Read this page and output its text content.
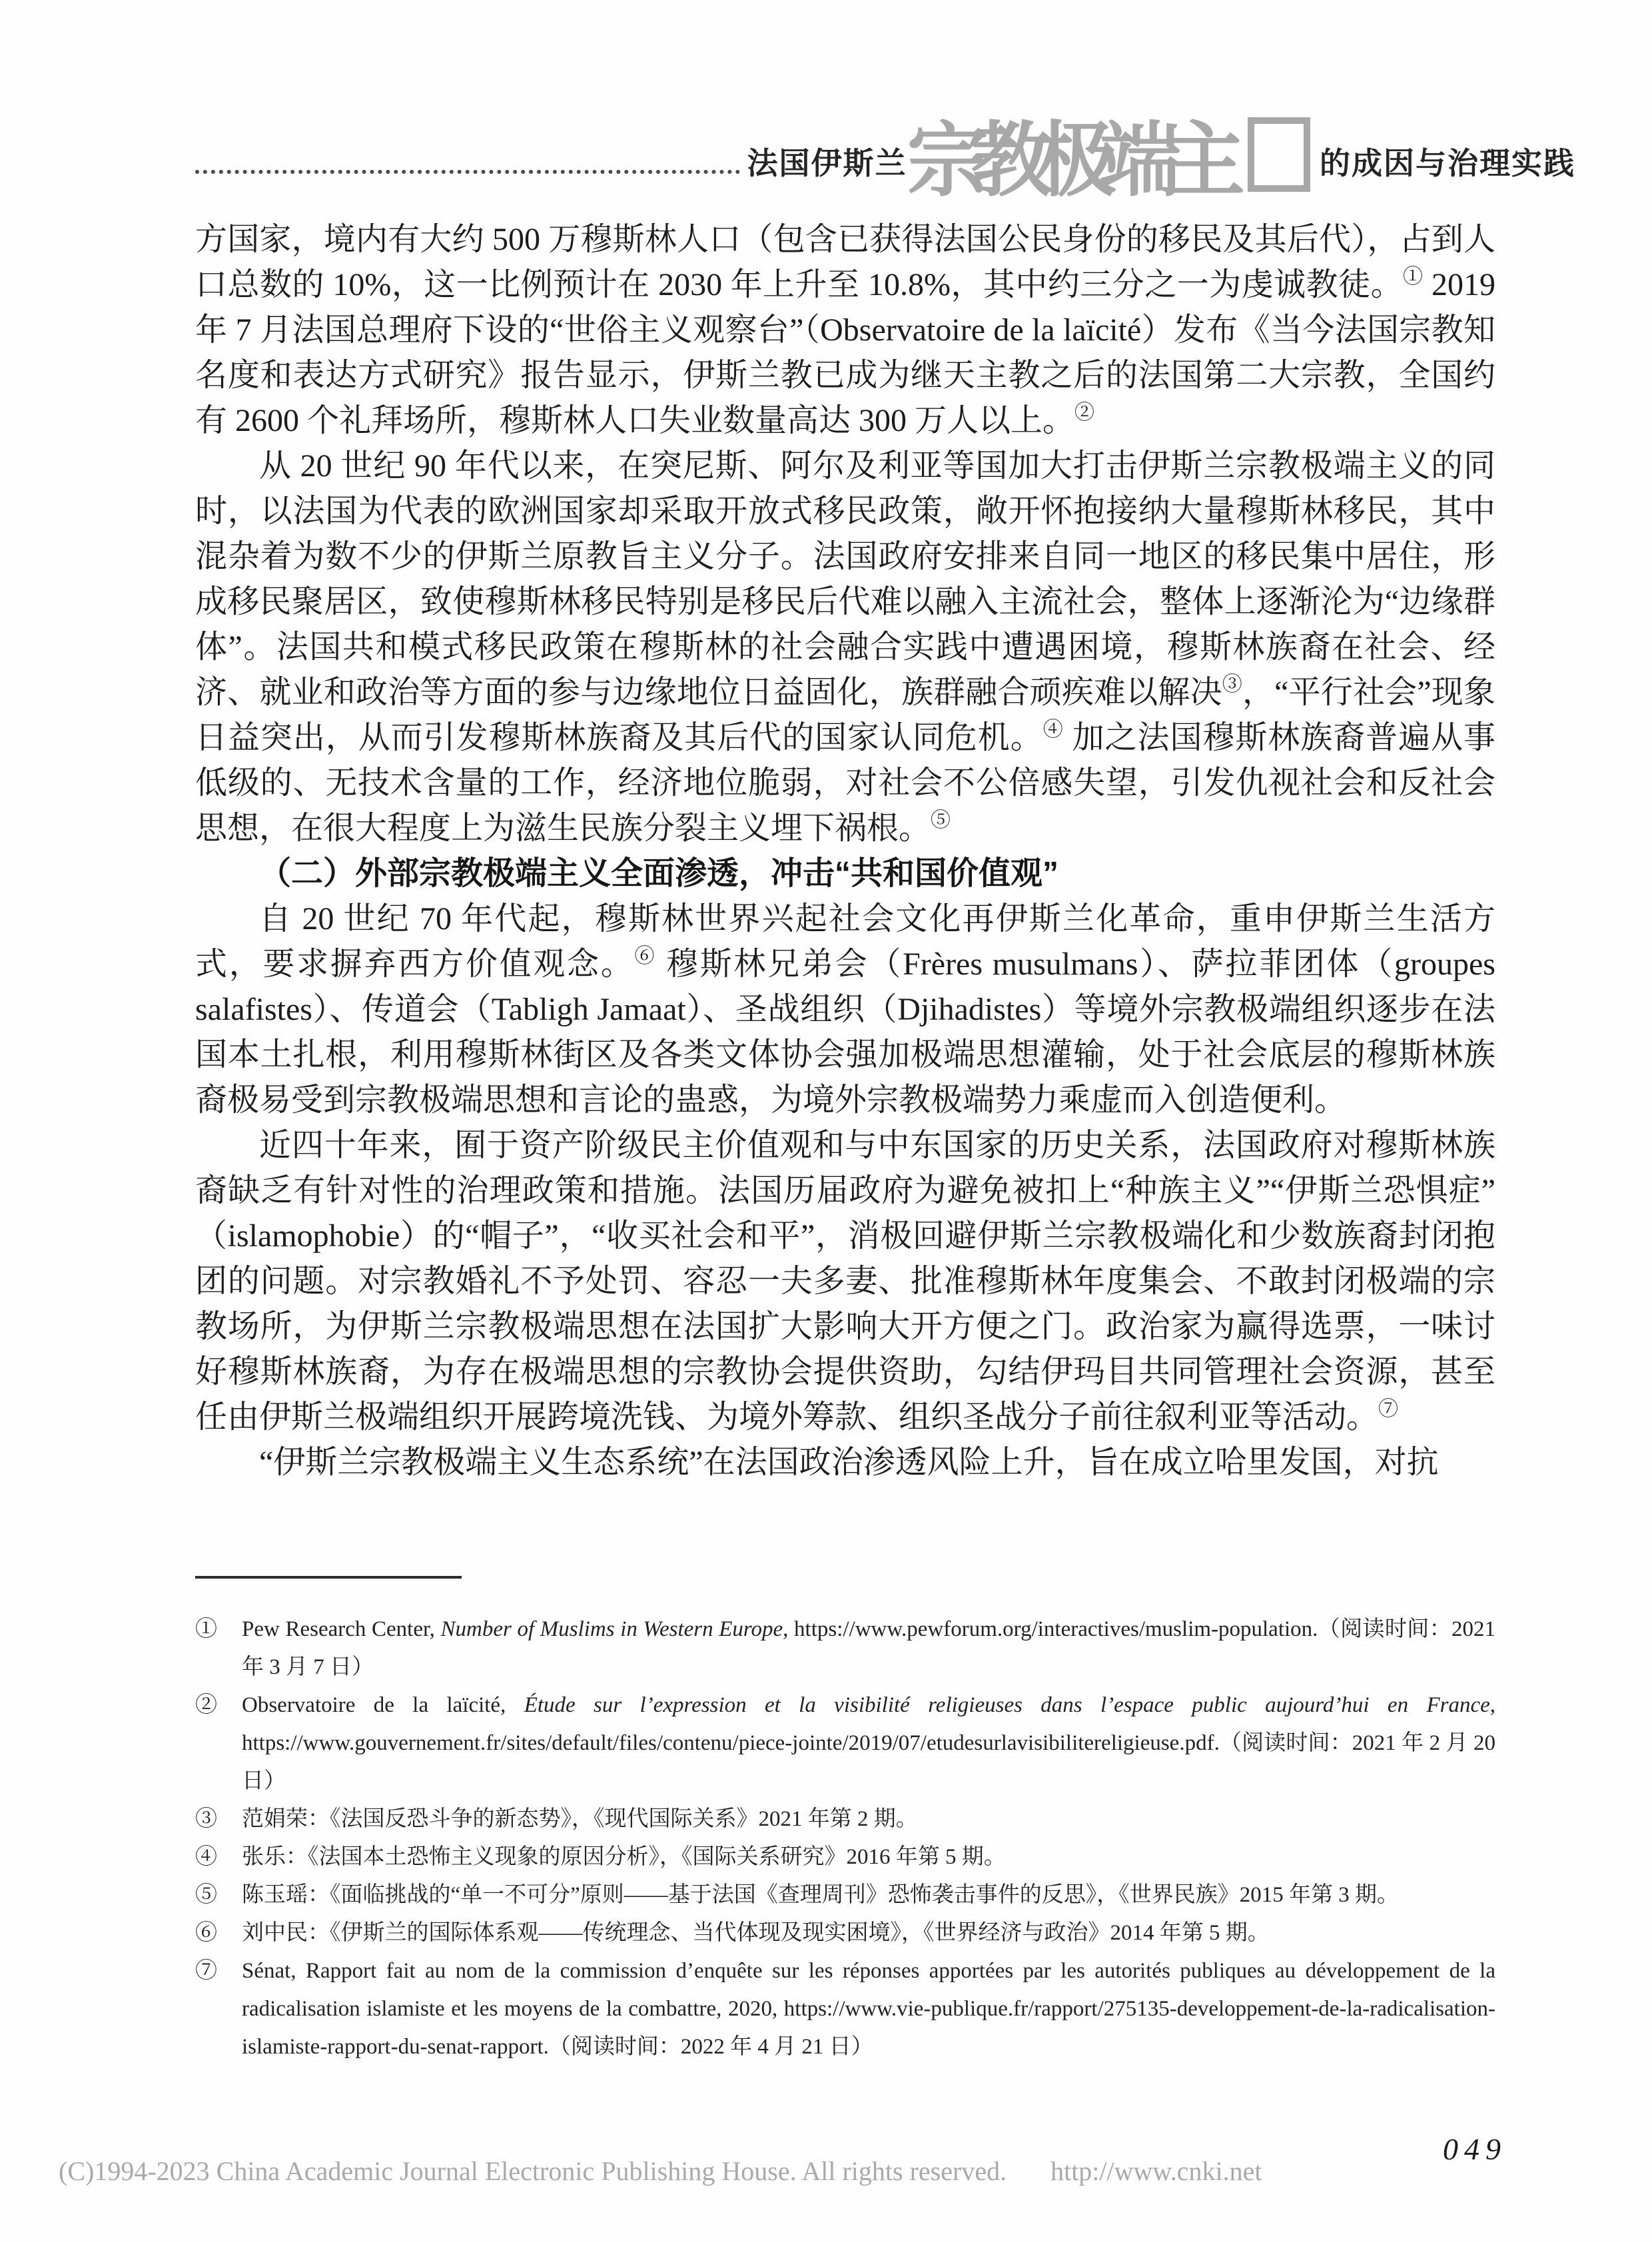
法国伊斯兰 宗教极端主	的成因与治理实践

方国家，境内有大约 500 万穆斯林人口（包含已获得法国公民身份的移民及其后代），占到人口总数的 10%，这一比例预计在 2030 年上升至 10.8%，其中约三分之一为虔诚教徒。① 2019 年 7 月法国总理府下设的“世俗主义观察台”（Observatoire de la laïcité）发布《当今法国宗教知名度和表达方式研究》报告显示，伊斯兰教已成为继天主教之后的法国第二大宗教，全国约有 2600 个礼拜场所，穆斯林人口失业数量高达 300 万人以上。②

从 20 世纪 90 年代以来，在突尼斯、阿尔及利亚等国加大打击伊斯兰宗教极端主义的同时，以法国为代表的欧洲国家却采取开放式移民政策，敞开怀抱接纳大量穆斯林移民，其中混杂着为数不少的伊斯兰原教旨主义分子。法国政府安排来自同一地区的移民集中居住，形成移民聚居区，致使穆斯林移民特别是移民后代难以融入主流社会，整体上逐渐沦为“边缘群体”。法国共和模式移民政策在穆斯林的社会融合实践中遭遇困境，穆斯林族裔在社会、经济、就业和政治等方面的参与边缘地位日益固化，族群融合顽疾难以解决③，“平行社会”现象日益突出，从而引发穆斯林族裔及其后代的国家认同危机。④ 加之法国穆斯林族裔普遍从事低级的、无技术含量的工作，经济地位脆弱，对社会不公倍感失望，引发仇视社会和反社会思想，在很大程度上为滋生民族分裂主义埋下祸根。⑤

（二）外部宗教极端主义全面渗透，冲击“共和国价值观”

自 20 世纪 70 年代起，穆斯林世界兴起社会文化再伊斯兰化革命，重申伊斯兰生活方式，要求摒弃西方价值观念。⑥ 穆斯林兄弟会（Frères musulmans）、萨拉菲团体（groupes salafistes）、传道会（Tabligh Jamaat）、圣战组织（Djihadistes）等境外宗教极端组织逐步在法国本土扎根，利用穆斯林街区及各类文体协会强加极端思想灌输，处于社会底层的穆斯林族裔极易受到宗教极端思想和言论的蛊惑，为境外宗教极端势力乘虚而入创造便利。

近四十年来，囿于资产阶级民主价值观和与中东国家的历史关系，法国政府对穆斯林族裔缺乏有针对性的治理政策和措施。法国历届政府为避免被扣上“种族主义”“伊斯兰恐惧症”（islamophobie）的“帽子”，“收买社会和平”，消极回避伊斯兰宗教极端化和少数族裔封闭抱团的问题。对宗教婚礼不予处罚、容忍一夫多妻、批准穆斯林年度集会、不敢封闭极端的宗教场所，为伊斯兰宗教极端思想在法国扩大影响大开方便之门。政治家为赢得选票，一味讨好穆斯林族裔，为存在极端思想的宗教协会提供资助，勾结伊玛目共同管理社会资源，甚至任由伊斯兰极端组织开展跨境洗钱、为境外筹款、组织圣战分子前往叙利亚等活动。⑦

“伊斯兰宗教极端主义生态系统”在法国政治渗透风险上升，旨在成立哈里发国，对抗

① Pew Research Center, Number of Muslims in Western Europe, https://www.pewforum.org/interactives/muslim-population.（阅读时间：2021 年 3 月 7 日）

② Observatoire de la laïcité, Étude sur l’expression et la visibilité religieuses dans l’espace public aujourd’hui en France, https://www.gouvernement.fr/sites/default/files/contenu/piece-jointe/2019/07/etudesurlavisibilitereligieuse.pdf.（阅读时间：2021 年 2 月 20 日）

③ 范娟荣：《法国反恐斗争的新态势》，《现代国际关系》2021 年第 2 期。

④ 张乐：《法国本土恐怖主义现象的原因分析》，《国际关系研究》2016 年第 5 期。

⑤ 陈玉瑶：《面临挑战的“单一不可分”原则——基于法国《查理周刊》恐怖袭击事件的反思》，《世界民族》2015 年第 3 期。

⑥ 刘中民：《伊斯兰的国际体系观——传统理念、当代体现及现实困境》，《世界经济与政治》2014 年第 5 期。

⑦ Sénat, Rapport fait au nom de la commission d’enquête sur les réponses apportées par les autorités publiques au développement de la radicalisation islamiste et les moyens de la combattre, 2020, https://www.vie-publique.fr/rapport/275135-developpement-de-la-radicalisation-islamiste-rapport-du-senat-rapport.（阅读时间：2022 年 4 月 21 日）

049
(C)1994-2023 China Academic Journal Electronic Publishing House. All rights reserved. http://www.cnki.net
